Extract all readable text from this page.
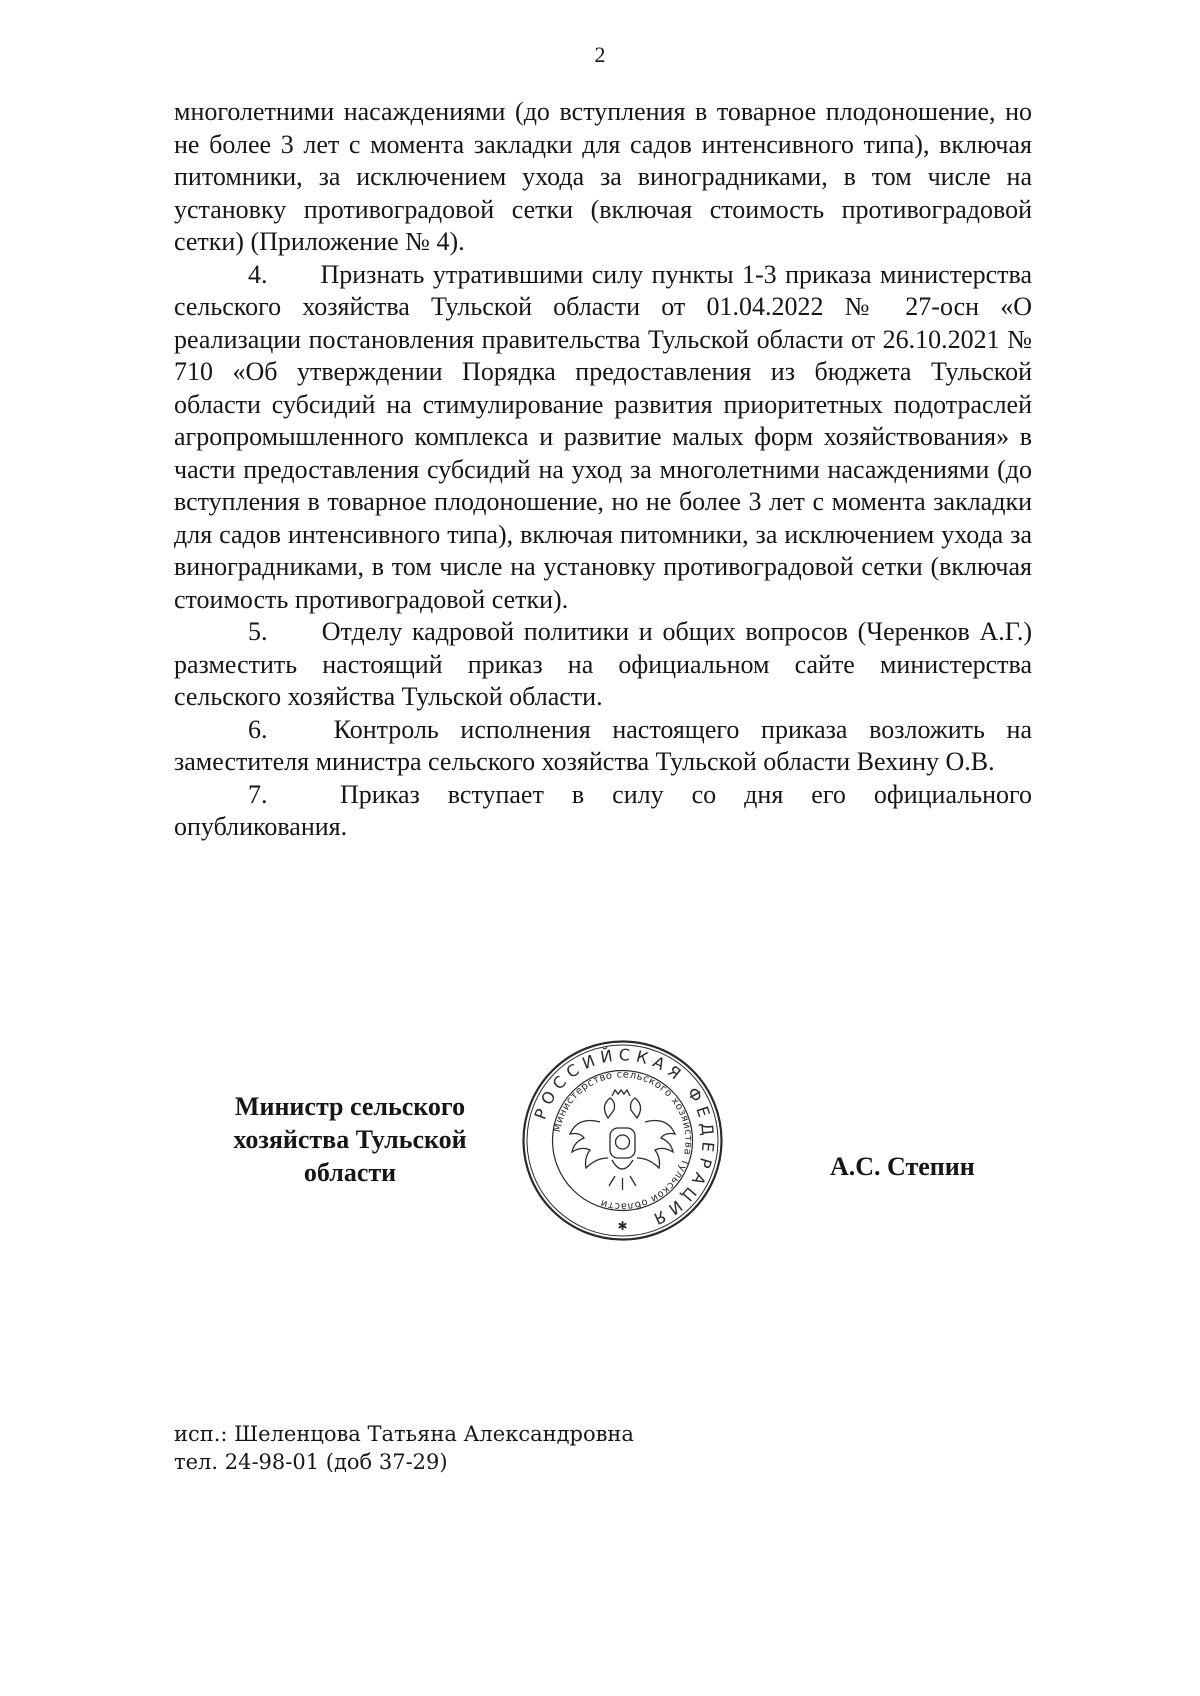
2

многолетними насаждениями (до вступления в товарное плодоношение, но не более 3 лет с момента закладки для садов интенсивного типа), включая питомники, за исключением ухода за виноградниками, в том числе на установку противоградовой сетки (включая стоимость противоградовой сетки) (Приложение № 4).

4. Признать утратившими силу пункты 1-3 приказа министерства сельского хозяйства Тульской области от 01.04.2022 № 27-осн «О реализации постановления правительства Тульской области от 26.10.2021 № 710 «Об утверждении Порядка предоставления из бюджета Тульской области субсидий на стимулирование развития приоритетных подотраслей агропромышленного комплекса и развитие малых форм хозяйствования» в части предоставления субсидий на уход за многолетними насаждениями (до вступления в товарное плодоношение, но не более 3 лет с момента закладки для садов интенсивного типа), включая питомники, за исключением ухода за виноградниками, в том числе на установку противоградовой сетки (включая стоимость противоградовой сетки).

5. Отделу кадровой политики и общих вопросов (Черенков А.Г.) разместить настоящий приказ на официальном сайте министерства сельского хозяйства Тульской области.

6.	Контроль исполнения настоящего приказа возложить на заместителя министра сельского хозяйства Тульской области Вехину О.В.

7.	Приказ вступает в силу со дня его официального опубликования.

Министр сельского
хозяйства Тульской
области
РОССИЙСКАЯ ФЕДЕРАЦИЯ
Министерство сельского хозяйства Тульской области
✱
А.С. Степин
исп.: Шеленцова Татьяна Александровна
тел. 24-98-01 (доб 37-29)
